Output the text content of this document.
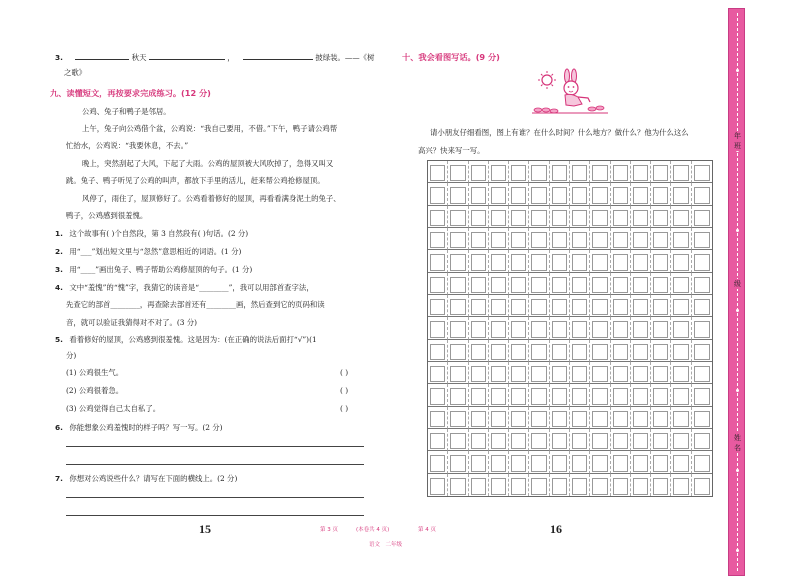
3.	秋天	，	披绿装。——《树
之歌》
九、读懂短文，再按要求完成练习。(12 分)
公鸡、兔子和鸭子是邻居。
上午，兔子向公鸡借个盆，公鸡说：“我自己要用，不借。”下午，鸭子请公鸡帮
忙抬水，公鸡说：“我要休息，不去。”
晚上，突然刮起了大风，下起了大雨。公鸡的屋顶被大风吹掉了，急得又叫又
跳。兔子、鸭子听见了公鸡的叫声，都放下手里的活儿，赶来帮公鸡抢修屋顶。
风停了，雨住了，屋顶修好了。公鸡看着修好的屋顶，再看看满身泥土的兔子、
鸭子，公鸡感到很羞愧。
1. 这个故事有( )个自然段，第 3 自然段有( )句话。(2 分)
2. 用“___”划出短文里与“忽然”意思相近的词语。(1 分)
3. 用“____”画出兔子、鸭子帮助公鸡修屋顶的句子。(1 分)
4. 文中“羞愧”的“愧”字，我猜它的读音是“________”，我可以用部首查字法，
先查它的部首________，再查除去部首还有________画，然后查到它的页码和读
音，就可以验证我猜得对不对了。(3 分)
5. 看着修好的屋顶，公鸡感到很羞愧。这是因为：(在正确的说法后面打“√”)(1
分)
(1) 公鸡很生气。	( )
(2) 公鸡很着急。	( )
(3) 公鸡觉得自己太自私了。	( )
6. 你能想象公鸡羞愧时的样子吗？写一写。(2 分)
7. 你想对公鸡说些什么？请写在下面的横线上。(2 分)
15
十、我会看图写话。(9 分)
请小朋友仔细看图，图上有谁？在什么时间？什么地方？做什么？他为什么这么
高兴？快来写一写。
16
第 3 页	(本卷共 4 页)	第 4 页
语文　二年级
年
班
级
姓
名
